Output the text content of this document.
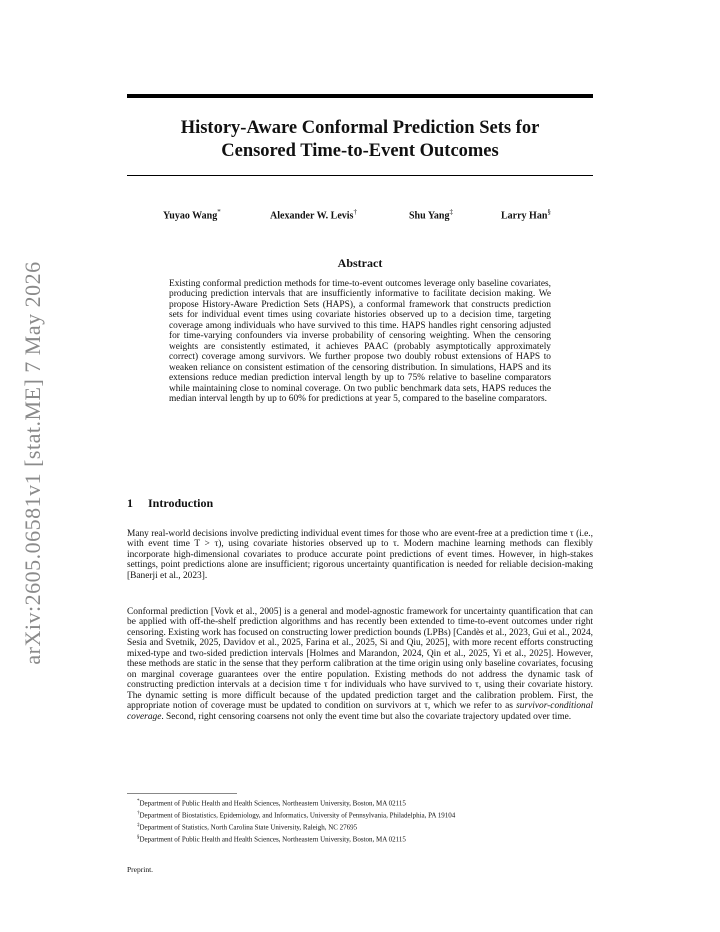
arXiv:2605.06581v1 [stat.ME] 7 May 2026
History-Aware Conformal Prediction Sets for
Censored Time-to-Event Outcomes
Yuyao Wang*	Alexander W. Levis†	Shu Yang‡	Larry Han§
Abstract

Existing conformal prediction methods for time-to-event outcomes leverage only baseline covariates, producing prediction intervals that are insufficiently informative to facilitate decision making. We propose History-Aware Prediction Sets (HAPS), a conformal framework that constructs prediction sets for individual event times using covariate histories observed up to a decision time, targeting coverage among individuals who have survived to this time. HAPS handles right censoring adjusted for time-varying confounders via inverse probability of censoring weighting. When the censoring weights are consistently estimated, it achieves PAAC (probably asymptotically approximately correct) coverage among survivors. We further propose two doubly robust extensions of HAPS to weaken reliance on consistent estimation of the censoring distribution. In simulations, HAPS and its extensions reduce median prediction interval length by up to 75% relative to baseline comparators while maintaining close to nominal coverage. On two public benchmark data sets, HAPS reduces the median interval length by up to 60% for predictions at year 5, compared to the baseline comparators.

1 Introduction

Many real-world decisions involve predicting individual event times for those who are event-free at a prediction time τ (i.e., with event time T > τ), using covariate histories observed up to τ. Modern machine learning methods can flexibly incorporate high-dimensional covariates to produce accurate point predictions of event times. However, in high-stakes settings, point predictions alone are insufficient; rigorous uncertainty quantification is needed for reliable decision-making [Banerji et al., 2023].

Conformal prediction [Vovk et al., 2005] is a general and model-agnostic framework for uncertainty quantification that can be applied with off-the-shelf prediction algorithms and has recently been extended to time-to-event outcomes under right censoring. Existing work has focused on constructing lower prediction bounds (LPBs) [Candès et al., 2023, Gui et al., 2024, Sesia and Svetnik, 2025, Davidov et al., 2025, Farina et al., 2025, Si and Qiu, 2025], with more recent efforts constructing mixed-type and two-sided prediction intervals [Holmes and Marandon, 2024, Qin et al., 2025, Yi et al., 2025]. However, these methods are static in the sense that they perform calibration at the time origin using only baseline covariates, focusing on marginal coverage guarantees over the entire population. Existing methods do not address the dynamic task of constructing prediction intervals at a decision time τ for individuals who have survived to τ, using their covariate history. The dynamic setting is more difficult because of the updated prediction target and the calibration problem. First, the appropriate notion of coverage must be updated to condition on survivors at τ, which we refer to as survivor-conditional coverage. Second, right censoring coarsens not only the event time but also the covariate trajectory updated over time.

*Department of Public Health and Health Sciences, Northeastern University, Boston, MA 02115
†Department of Biostatistics, Epidemiology, and Informatics, University of Pennsylvania, Philadelphia, PA 19104
‡Department of Statistics, North Carolina State University, Raleigh, NC 27695
§Department of Public Health and Health Sciences, Northeastern University, Boston, MA 02115
Preprint.
